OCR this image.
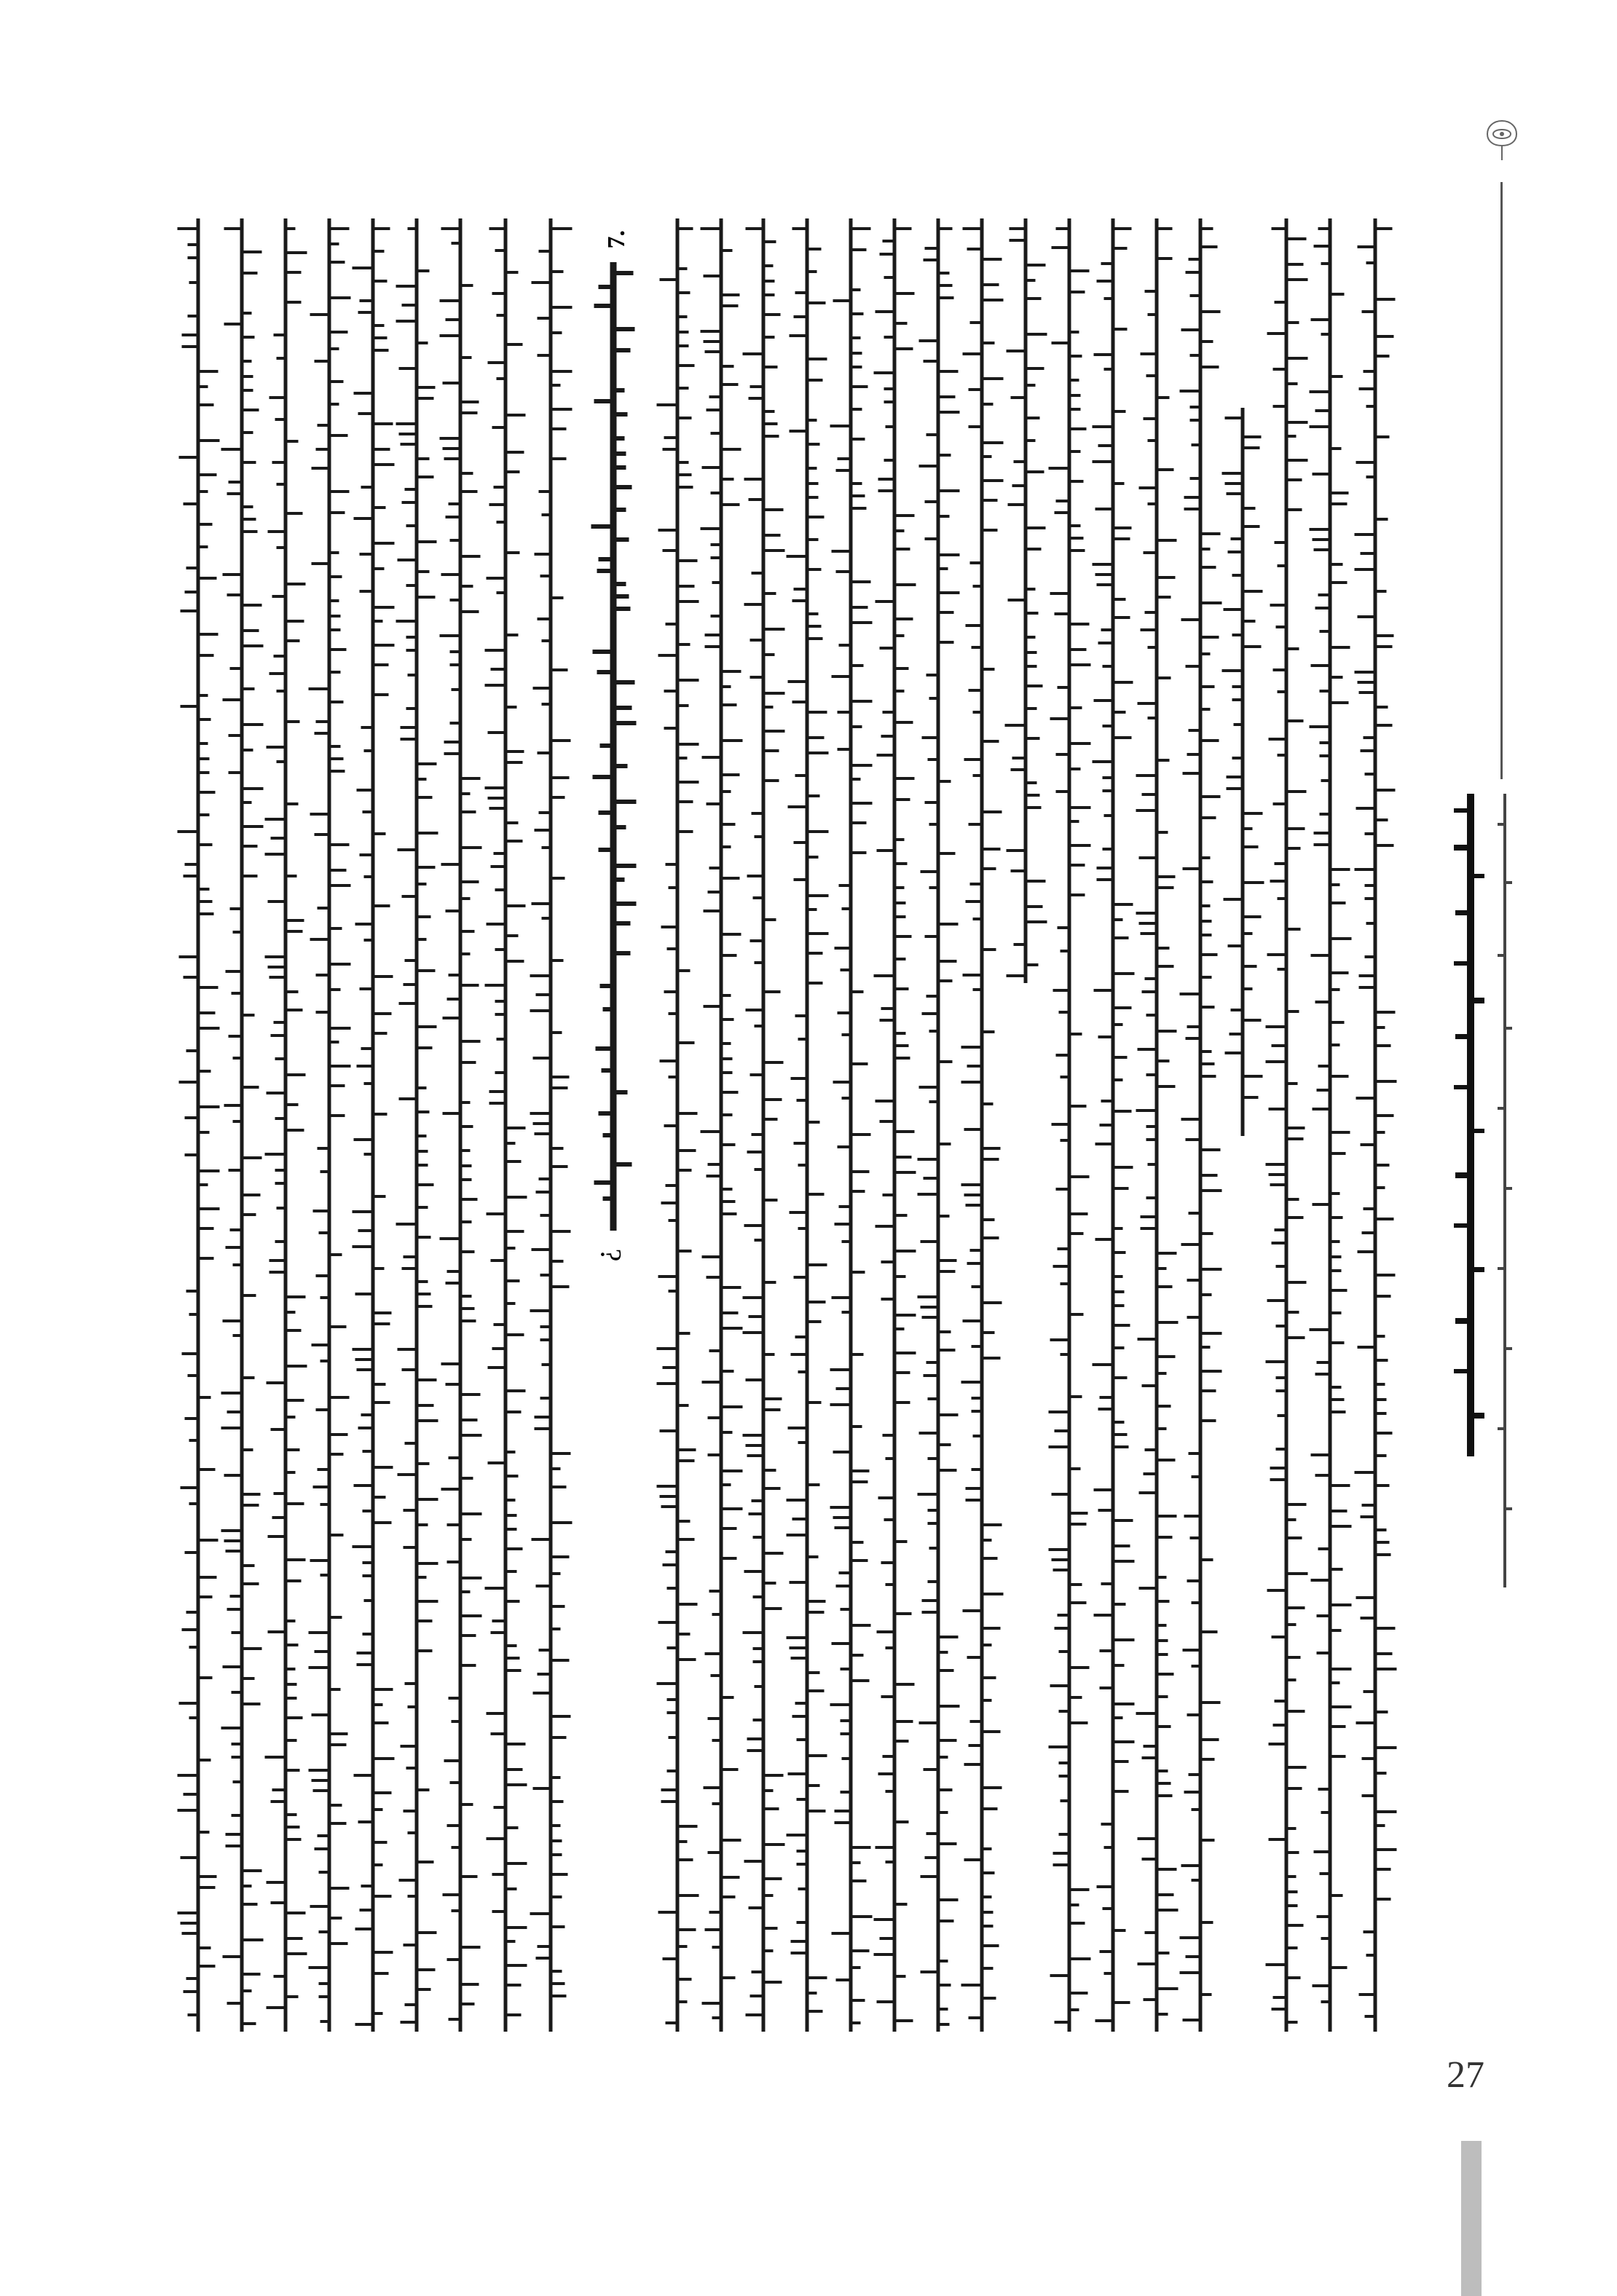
7.
?
27
